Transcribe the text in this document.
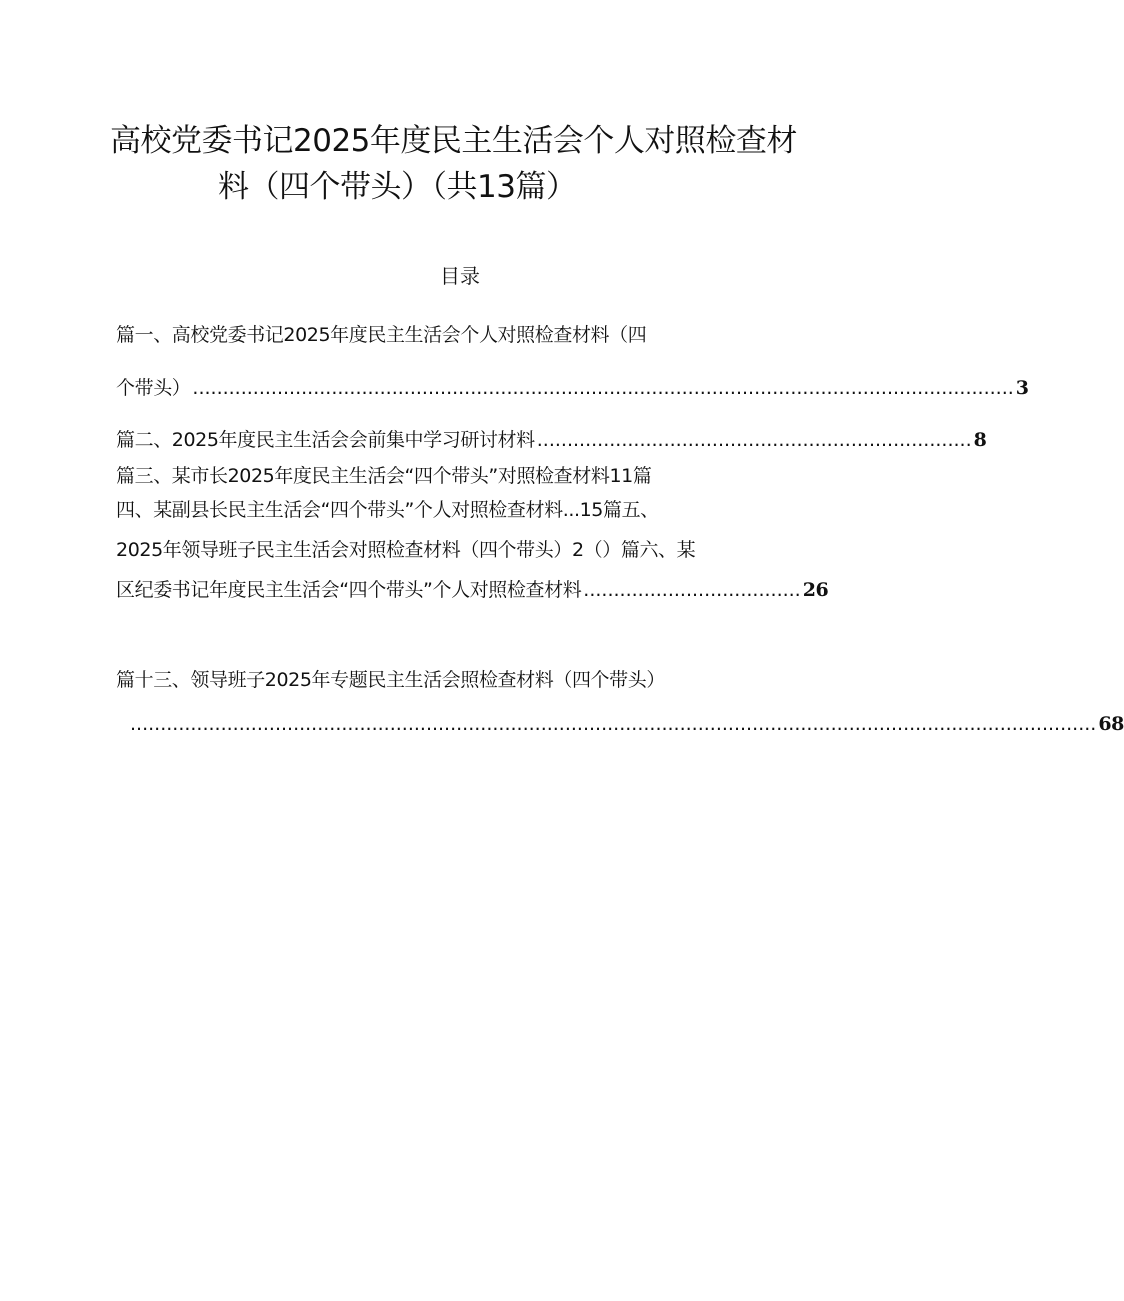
高校党委书记2025年度民主生活会个人对照检查材
料（四个带头）（共13篇）
目录
篇一、高校党委书记2025年度民主生活会个人对照检查材料（四
个带头） ........................................................................................................................................ 3
篇二、2025年度民主生活会会前集中学习研讨材料 ........................................................................ 8
篇三、某市长2025年度民主生活会“四个带头”对照检查材料11篇
四、某副县长民主生活会“四个带头”个人对照检查材料...15篇五、
2025年领导班子民主生活会对照检查材料（四个带头）2（）篇六、某
区纪委书记年度民主生活会“四个带头”个人对照检查材料 .................................... 26
篇十三、领导班子2025年专题民主生活会照检查材料（四个带头）
................................................................................................................................................................ 68
